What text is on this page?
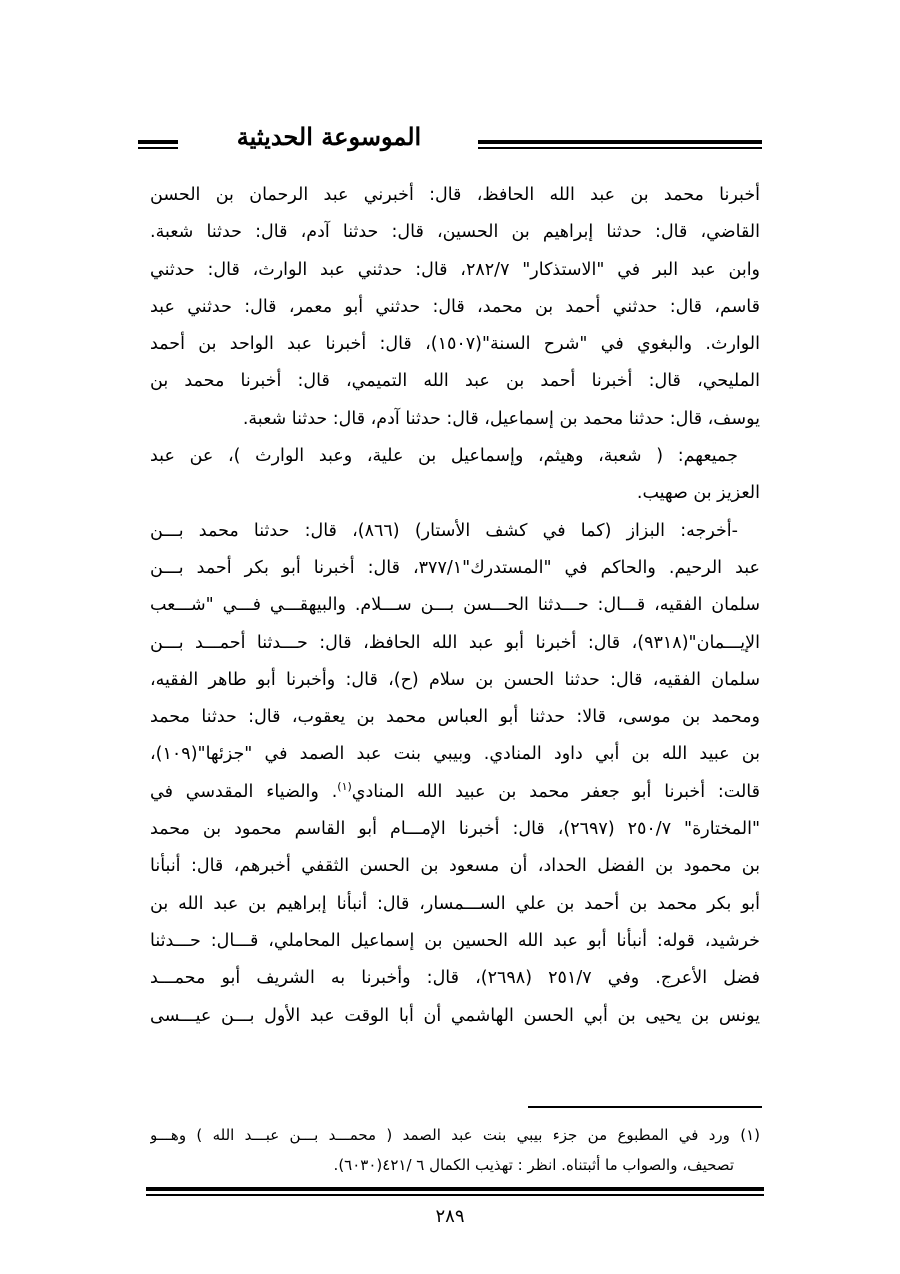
الموسوعة الحديثية
أخبرنا محمد بن عبد الله الحافظ، قال: أخبرني عبد الرحمان بن الحسن
القاضي، قال: حدثنا إبراهيم بن الحسين، قال: حدثنا آدم، قال: حدثنا شعبة.
وابن عبد البر في "الاستذكار" ٢٨٢/٧، قال: حدثني عبد الوارث، قال: حدثني
قاسم، قال: حدثني أحمد بن محمد، قال: حدثني أبو معمر، قال: حدثني عبد
الوارث. والبغوي في "شرح السنة"(١٥٠٧)، قال: أخبرنا عبد الواحد بن أحمد
المليحي، قال: أخبرنا أحمد بن عبد الله التميمي، قال: أخبرنا محمد بن
يوسف، قال: حدثنا محمد بن إسماعيل، قال: حدثنا آدم، قال: حدثنا شعبة.
جميعهم: ( شعبة، وهيثم، وإسماعيل بن علية، وعبد الوارث )، عن عبد
العزيز بن صهيب.
-أخرجه: البزاز (كما في كشف الأستار) (٨٦٦)، قال: حدثنا محمد بـــن
عبد الرحيم. والحاكم في "المستدرك"٣٧٧/١، قال: أخبرنا أبو بكر أحمد بـــن
سلمان الفقيه، قـــال: حـــدثنا الحـــسن بـــن ســـلام. والبيهقـــي فـــي "شـــعب
الإيـــمان"(٩٣١٨)، قال: أخبرنا أبو عبد الله الحافظ، قال: حـــدثنا أحمـــد بـــن
سلمان الفقيه، قال: حدثنا الحسن بن سلام (ح)، قال: وأخبرنا أبو طاهر الفقيه،
ومحمد بن موسى، قالا: حدثنا أبو العباس محمد بن يعقوب، قال: حدثنا محمد
بن عبيد الله بن أبي داود المنادي. وبيبي بنت عبد الصمد في "جزئها"(١٠٩)،
قالت: أخبرنا أبو جعفر محمد بن عبيد الله المنادي$^{(١)}$. والضياء المقدسي في
"المختارة" ٢٥٠/٧ (٢٦٩٧)، قال: أخبرنا الإمـــام أبو القاسم محمود بن محمد
بن محمود بن الفضل الحداد، أن مسعود بن الحسن الثقفي أخبرهم، قال: أنبأنا
أبو بكر محمد بن أحمد بن علي الســـمسار، قال: أنبأنا إبراهيم بن عبد الله بن
خرشيد، قوله: أنبأنا أبو عبد الله الحسين بن إسماعيل المحاملي، قـــال: حـــدثنا
فضل الأعرج. وفي ٢٥١/٧ (٢٦٩٨)، قال: وأخبرنا به الشريف أبو محمـــد
يونس بن يحيى بن أبي الحسن الهاشمي أن أبا الوقت عبد الأول بـــن عيـــسى
(١) ورد في المطبوع من جزء بيبي بنت عبد الصمد ( محمـــد بـــن عبـــد الله ) وهـــو
تصحيف، والصواب ما أثبتناه. انظر : تهذيب الكمال ٦ /٤٢١(٦٠٣٠).
٢٨٩
